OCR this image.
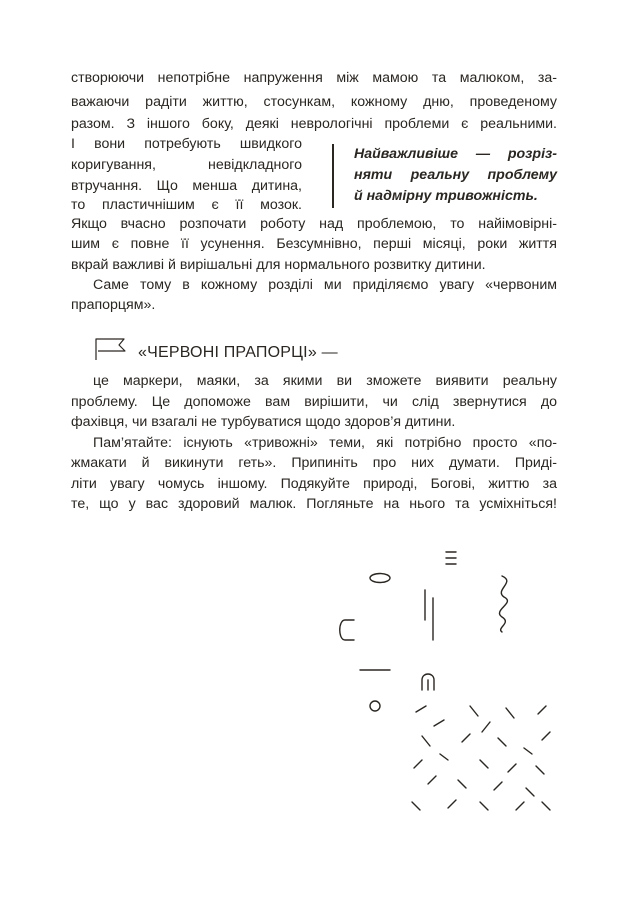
створюючи непотрібне напруження між мамою та малюком, за-
важаючи радіти життю, стосункам, кожному дню, проведеному
разом. З іншого боку, деякі неврологічні проблеми є реальними.
І вони потребують швидкого
коригування, невідкладного
втручання. Що менша дитина,
то пластичнішим є її мозок.
Найважливіше — розріз-
няти реальну проблему
й надмірну тривожність.
Якщо вчасно розпочати роботу над проблемою, то найімовірні-
шим є повне її усунення. Безсумнівно, перші місяці, роки життя
вкрай важливі й вирішальні для нормального розвитку дитини.
Саме тому в кожному розділі ми приділяємо увагу «червоним
прапорцям».
«ЧЕРВОНІ ПРАПОРЦІ» —
це маркери, маяки, за якими ви зможете виявити реальну
проблему. Це допоможе вам вирішити, чи слід звернутися до
фахівця, чи взагалі не турбуватися щодо здоров’я дитини.
Пам’ятайте: існують «тривожні» теми, які потрібно просто «по-
жмакати й викинути геть». Припиніть про них думати. Приді-
літи увагу чомусь іншому. Подякуйте природі, Богові, життю за
те, що у вас здоровий малюк. Погляньте на нього та усміхніться!
